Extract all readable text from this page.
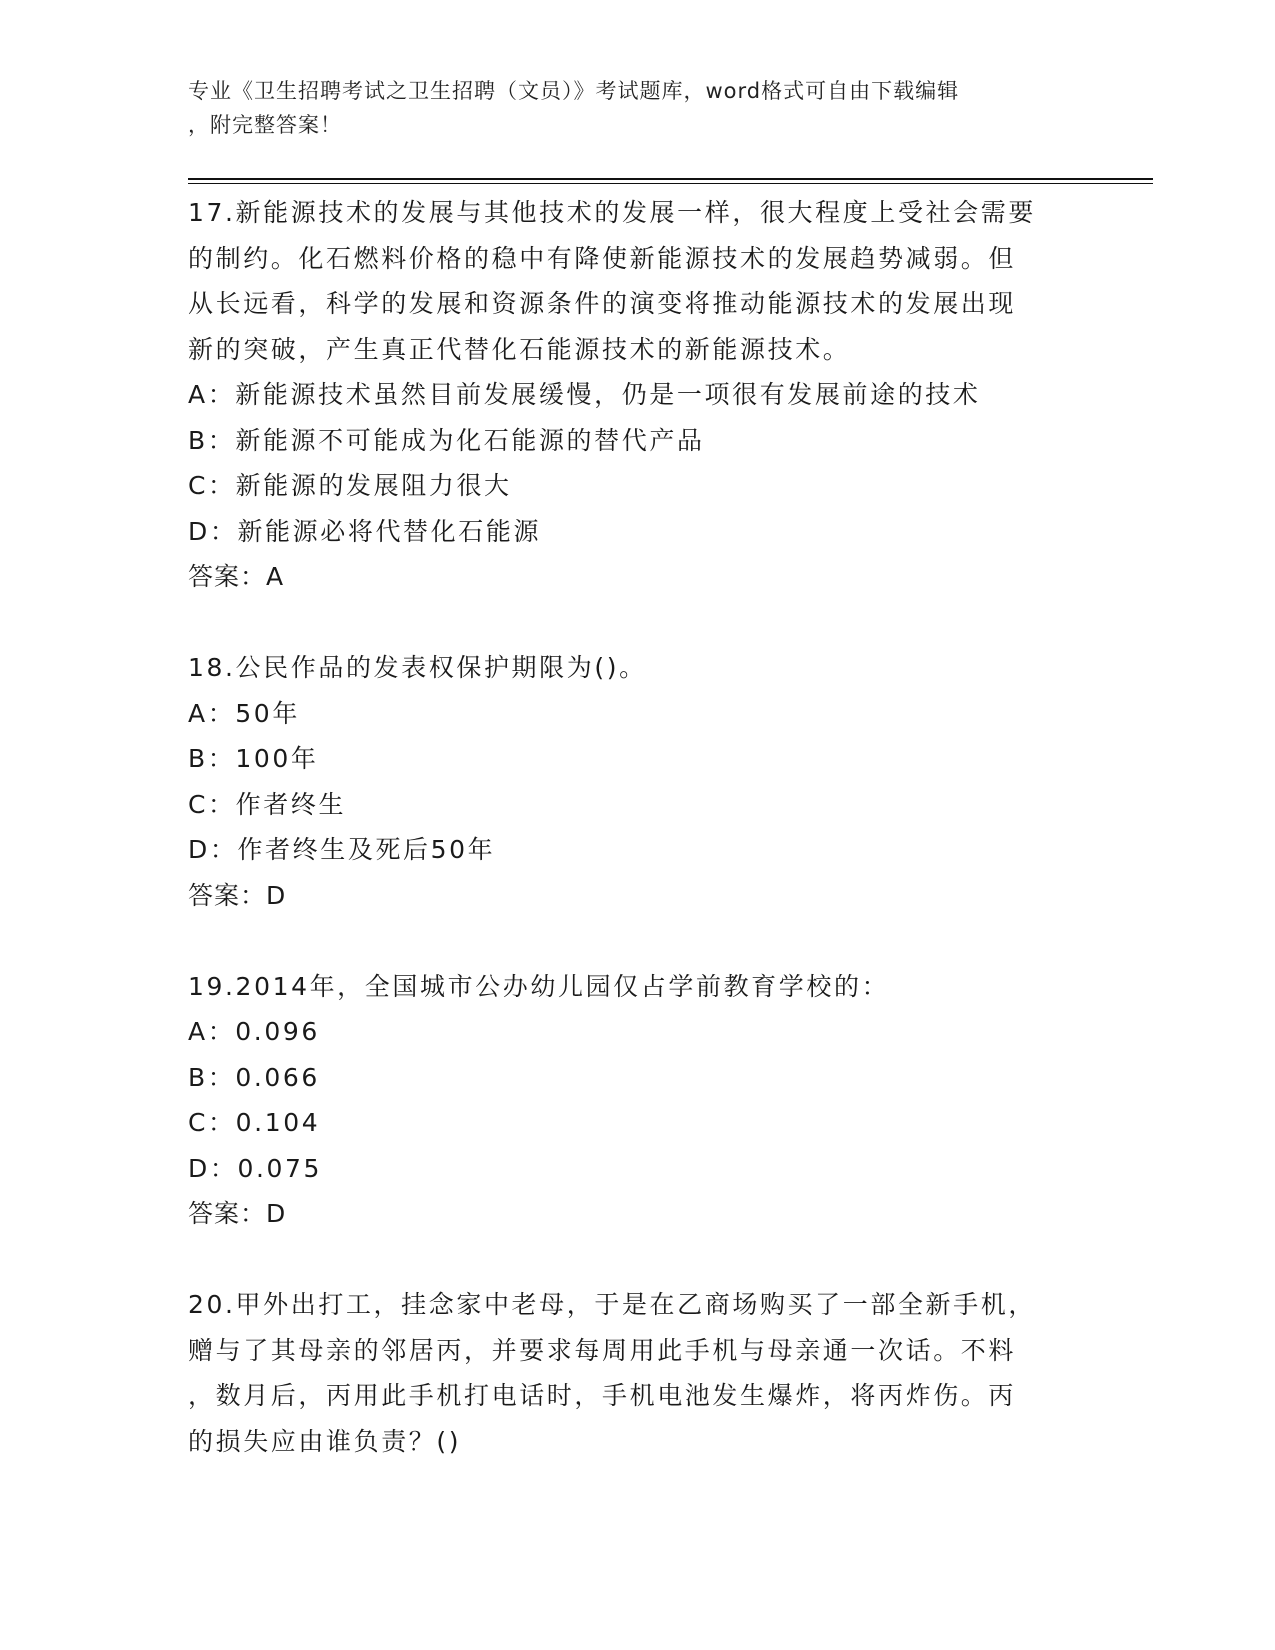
专业《卫生招聘考试之卫生招聘（文员）》考试题库，word格式可自由下载编辑
，附完整答案！
17.新能源技术的发展与其他技术的发展一样，很大程度上受社会需要
的制约。化石燃料价格的稳中有降使新能源技术的发展趋势减弱。但
从长远看，科学的发展和资源条件的演变将推动能源技术的发展出现
新的突破，产生真正代替化石能源技术的新能源技术。
A：新能源技术虽然目前发展缓慢，仍是一项很有发展前途的技术
B：新能源不可能成为化石能源的替代产品
C：新能源的发展阻力很大
D：新能源必将代替化石能源
答案：A
18.公民作品的发表权保护期限为()。
A：50年
B：100年
C：作者终生
D：作者终生及死后50年
答案：D
19.2014年，全国城市公办幼儿园仅占学前教育学校的：
A：0.096
B：0.066
C：0.104
D：0.075
答案：D
20.甲外出打工，挂念家中老母，于是在乙商场购买了一部全新手机，
赠与了其母亲的邻居丙，并要求每周用此手机与母亲通一次话。不料
，数月后，丙用此手机打电话时，手机电池发生爆炸，将丙炸伤。丙
的损失应由谁负责？()
